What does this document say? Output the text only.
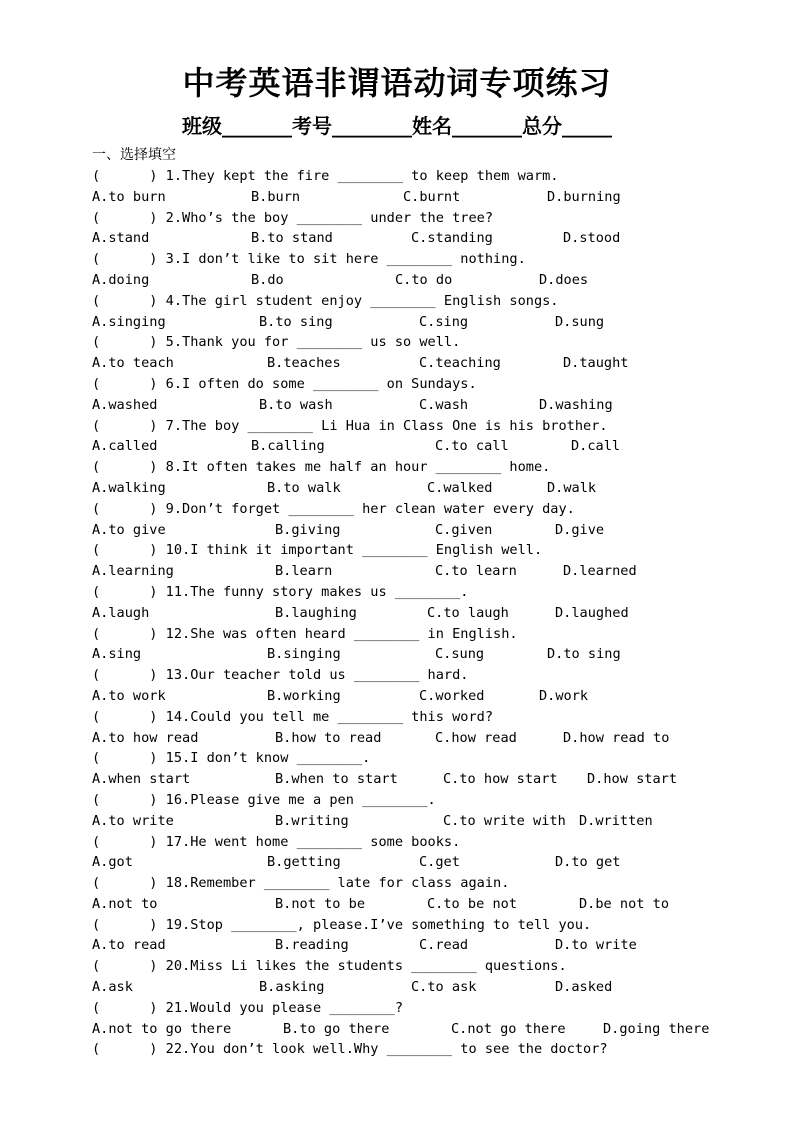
中考英语非谓语动词专项练习
班级_______考号________姓名_______总分_____
一、选择填空
(      ) 1.They kept the fire ________ to keep them warm.
A.to burn	B.burn	C.burnt	D.burning
(      ) 2.Who’s the boy ________ under the tree?
A.stand	B.to stand	C.standing	D.stood
(      ) 3.I don’t like to sit here ________ nothing.
A.doing	B.do	C.to do	D.does
(      ) 4.The girl student enjoy ________ English songs.
A.singing	B.to sing	C.sing	D.sung
(      ) 5.Thank you for ________ us so well.
A.to teach	B.teaches	C.teaching	D.taught
(      ) 6.I often do some ________ on Sundays.
A.washed	B.to wash	C.wash	D.washing
(      ) 7.The boy ________ Li Hua in Class One is his brother.
A.called	B.calling	C.to call	D.call
(      ) 8.It often takes me half an hour ________ home.
A.walking	B.to walk	C.walked	D.walk
(      ) 9.Don’t forget ________ her clean water every day.
A.to give	B.giving	C.given	D.give
(      ) 10.I think it important ________ English well.
A.learning	B.learn	C.to learn	D.learned
(      ) 11.The funny story makes us ________.
A.laugh	B.laughing	C.to laugh	D.laughed
(      ) 12.She was often heard ________ in English.
A.sing	B.singing	C.sung	D.to sing
(      ) 13.Our teacher told us ________ hard.
A.to work	B.working	C.worked	D.work
(      ) 14.Could you tell me ________ this word?
A.to how read	B.how to read	C.how read	D.how read to
(      ) 15.I don’t know ________.
A.when start	B.when to start	C.to how start D.how start
(      ) 16.Please give me a pen ________.
A.to write	B.writing	C.to write with D.written
(      ) 17.He went home ________ some books.
A.got	B.getting	C.get	D.to get
(      ) 18.Remember ________ late for class again.
A.not to	B.not to be	C.to be not	D.be not to
(      ) 19.Stop ________, please.I’ve something to tell you.
A.to read	B.reading	C.read	D.to write
(      ) 20.Miss Li likes the students ________ questions.
A.ask	B.asking	C.to ask	D.asked
(      ) 21.Would you please ________?
A.not to go there	B.to go there	C.not go there	D.going there
(      ) 22.You don’t look well.Why ________ to see the doctor?
